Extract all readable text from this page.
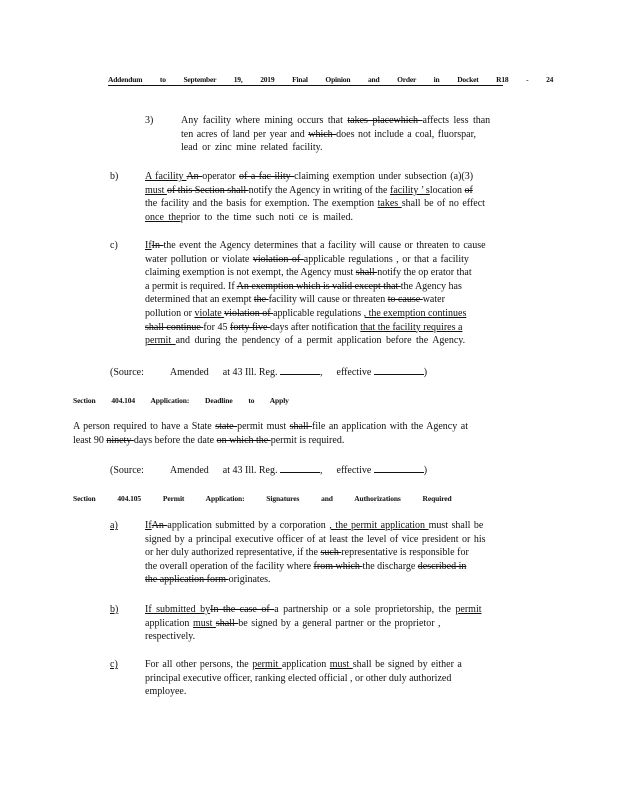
Addendum to September 19, 2019 Final Opinion and Order in Docket R18 - 24
3)	Any facility where mining occurs that takes placewhich affects less than
ten acres of land per year and which does not include a coal, fluorspar,
lead or zinc mine related facility.
b)	A facility An operator of a fac ility claiming exemption under subsection (a)(3)
must of this Section shall notify the Agency in writing of the facility ’ slocation of
the facility and the basis for exemption. The exemption takes shall be of no effect
once theprior to the time such noti ce is mailed.
c)	IfIn the event the Agency determines that a facility will cause or threaten to cause
water pollution or violate violation of applicable regulations , or that a facility
claiming exemption is not exempt, the Agency must shall notify the op erator that
a permit is required. If An exemption which is valid except that the Agency has
determined that an exempt the facility will cause or threaten to cause water
pollution or violate violation of applicable regulations , the exemption continues
shall continue for 45 forty five days after notification that the facility requires a
permit and during the pendency of a permit application before the Agency.
(Source:	Amended at 43 Ill. Reg.	, effective	)
Section 404.104 Application: Deadline to Apply
A person required to have a State state permit must shall file an application with the Agency at
least 90 ninety days before the date on which the permit is required.
(Source:	Amended at 43 Ill. Reg.	, effective	)
Section 404.105 Permit Application: Signatures and Authorizations Required
a)	IfAn application submitted by a corporation , the permit application must shall be
signed by a principal executive officer of at least the level of vice president or his
or her duly authorized representative, if the such representative is responsible for
the overall operation of the facility where from which the discharge described in
the application form originates.
b)	If submitted byIn the case of a partnership or a sole proprietorship, the permit
application must shall be signed by a general partner or the proprietor ,
respectively.
c)	For all other persons, the permit application must shall be signed by either a
principal executive officer, ranking elected official , or other duly authorized
employee.
